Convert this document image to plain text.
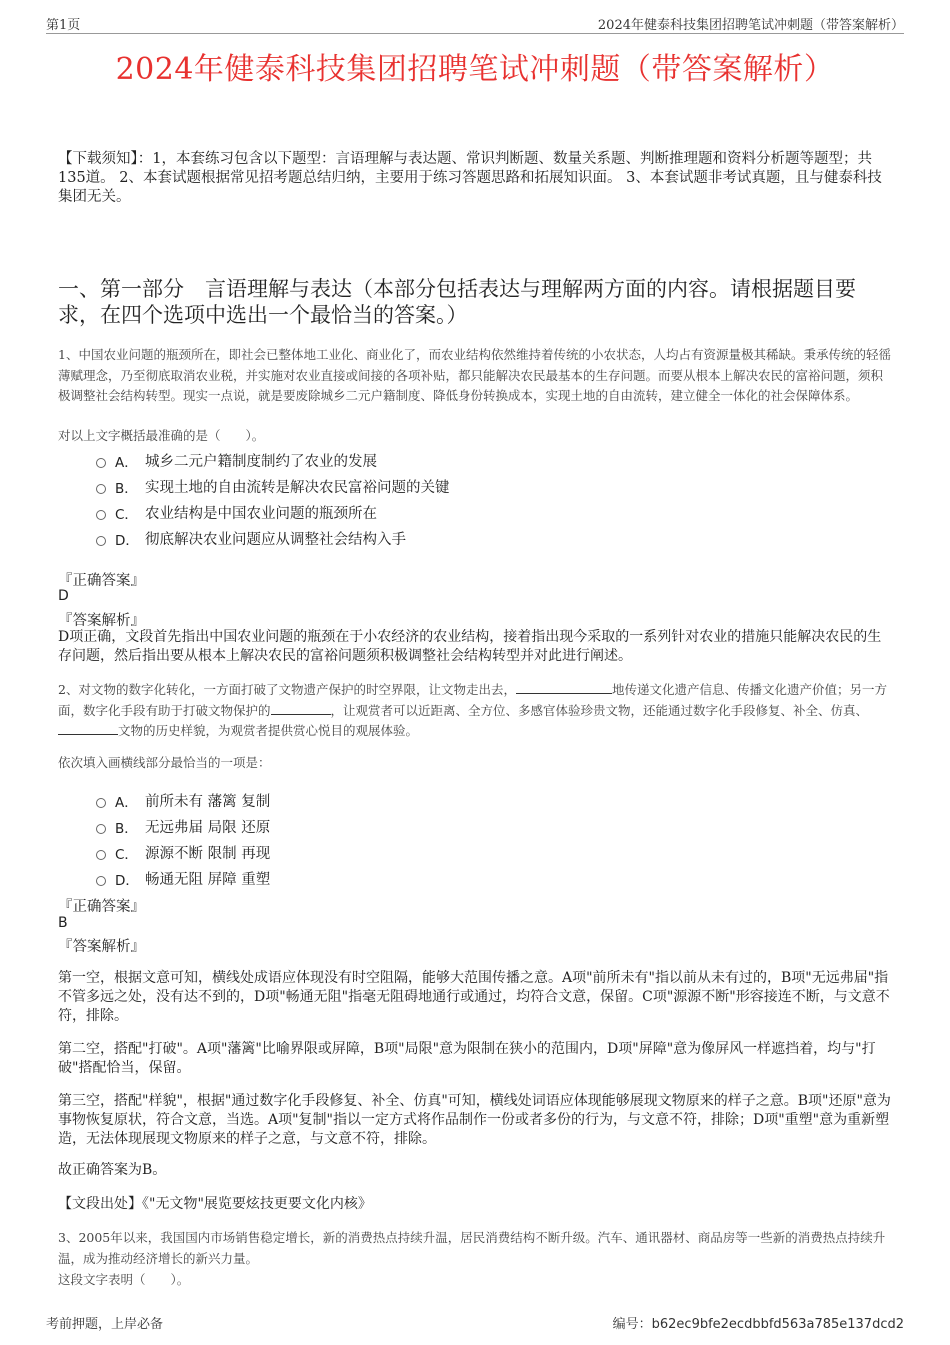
第1页	2024年健泰科技集团招聘笔试冲刺题（带答案解析）
2024年健泰科技集团招聘笔试冲刺题（带答案解析）
【下载须知】：1，本套练习包含以下题型：言语理解与表达题、常识判断题、数量关系题、判断推理题和资料分析题等题型；共135道。 2、本套试题根据常见招考题总结归纳，主要用于练习答题思路和拓展知识面。 3、本套试题非考试真题，且与健泰科技集团无关。
一、第一部分　言语理解与表达（本部分包括表达与理解两方面的内容。请根据题目要求，在四个选项中选出一个最恰当的答案。）
1、中国农业问题的瓶颈所在，即社会已整体地工业化、商业化了，而农业结构依然维持着传统的小农状态，人均占有资源量极其稀缺。秉承传统的轻徭薄赋理念，乃至彻底取消农业税，并实施对农业直接或间接的各项补贴，都只能解决农民最基本的生存问题。而要从根本上解决农民的富裕问题，须积极调整社会结构转型。现实一点说，就是要废除城乡二元户籍制度、降低身份转换成本，实现土地的自由流转，建立健全一体化的社会保障体系。
对以上文字概括最准确的是（　　）。
A． 城乡二元户籍制度制约了农业的发展
B． 实现土地的自由流转是解决农民富裕问题的关键
C． 农业结构是中国农业问题的瓶颈所在
D． 彻底解决农业问题应从调整社会结构入手
『正确答案』
D
『答案解析』
D项正确，文段首先指出中国农业问题的瓶颈在于小农经济的农业结构，接着指出现今采取的一系列针对农业的措施只能解决农民的生存问题，然后指出要从根本上解决农民的富裕问题须积极调整社会结构转型并对此进行阐述。
2、对文物的数字化转化，一方面打破了文物遗产保护的时空界限，让文物走出去，	地传递文化遗产信息、传播文化遗产价值；另一方面，数字化手段有助于打破文物保护的	，让观赏者可以近距离、全方位、多感官体验珍贵文物，还能通过数字化手段修复、补全、仿真、文物的历史样貌，为观赏者提供赏心悦目的观展体验。
依次填入画横线部分最恰当的一项是：
A． 前所未有 藩篱 复制
B． 无远弗届 局限 还原
C． 源源不断 限制 再现
D． 畅通无阻 屏障 重塑
『正确答案』
B
『答案解析』
第一空，根据文意可知，横线处成语应体现没有时空阻隔，能够大范围传播之意。A项"前所未有"指以前从未有过的，B项"无远弗届"指不管多远之处，没有达不到的，D项"畅通无阻"指毫无阻碍地通行或通过，均符合文意，保留。C项"源源不断"形容接连不断，与文意不符，排除。
第二空，搭配"打破"。A项"藩篱"比喻界限或屏障，B项"局限"意为限制在狭小的范围内，D项"屏障"意为像屏风一样遮挡着，均与"打破"搭配恰当，保留。
第三空，搭配"样貌"，根据"通过数字化手段修复、补全、仿真"可知，横线处词语应体现能够展现文物原来的样子之意。B项"还原"意为事物恢复原状，符合文意，当选。A项"复制"指以一定方式将作品制作一份或者多份的行为，与文意不符，排除；D项"重塑"意为重新塑造，无法体现展现文物原来的样子之意，与文意不符，排除。
故正确答案为B。
【文段出处】《"无文物"展览要炫技更要文化内核》
3、2005年以来，我国国内市场销售稳定增长，新的消费热点持续升温，居民消费结构不断升级。汽车、通讯器材、商品房等一些新的消费热点持续升温，成为推动经济增长的新兴力量。
这段文字表明（　　）。
考前押题，上岸必备	编号：b62ec9bfe2ecdbbfd563a785e137dcd2
